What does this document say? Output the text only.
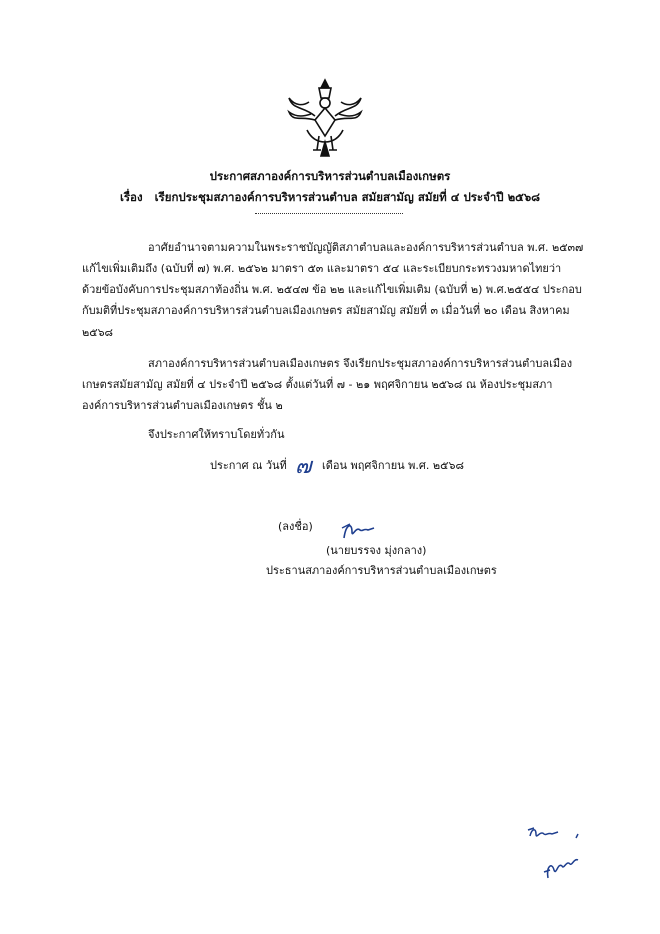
ประกาศสภาองค์การบริหารส่วนตำบลเมืองเกษตร
เรื่อง เรียกประชุมสภาองค์การบริหารส่วนตำบล สมัยสามัญ สมัยที่ ๔ ประจำปี ๒๕๖๘
อาศัยอำนาจตามความในพระราชบัญญัติสภาตำบลและองค์การบริหารส่วนตำบล พ.ศ. ๒๕๓๗
แก้ไขเพิ่มเติมถึง (ฉบับที่ ๗) พ.ศ. ๒๕๖๒ มาตรา ๕๓ และมาตรา ๕๔ และระเบียบกระทรวงมหาดไทยว่า
ด้วยข้อบังคับการประชุมสภาท้องถิ่น พ.ศ. ๒๕๔๗ ข้อ ๒๒ และแก้ไขเพิ่มเติม (ฉบับที่ ๒) พ.ศ.๒๕๕๔ ประกอบ
กับมติที่ประชุมสภาองค์การบริหารส่วนตำบลเมืองเกษตร สมัยสามัญ สมัยที่ ๓ เมื่อวันที่ ๒๐ เดือน สิงหาคม
๒๕๖๘
สภาองค์การบริหารส่วนตำบลเมืองเกษตร จึงเรียกประชุมสภาองค์การบริหารส่วนตำบลเมือง
เกษตรสมัยสามัญ สมัยที่ ๔ ประจำปี ๒๕๖๘ ตั้งแต่วันที่ ๗ - ๒๑ พฤศจิกายน ๒๕๖๘ ณ ห้องประชุมสภา
องค์การบริหารส่วนตำบลเมืองเกษตร ชั้น ๒
จึงประกาศให้ทราบโดยทั่วกัน
ประกาศ ณ วันที่ ๗ เดือน พฤศจิกายน พ.ศ. ๒๕๖๘
(ลงชื่อ)
(นายบรรจง มุ่งกลาง)
ประธานสภาองค์การบริหารส่วนตำบลเมืองเกษตร
